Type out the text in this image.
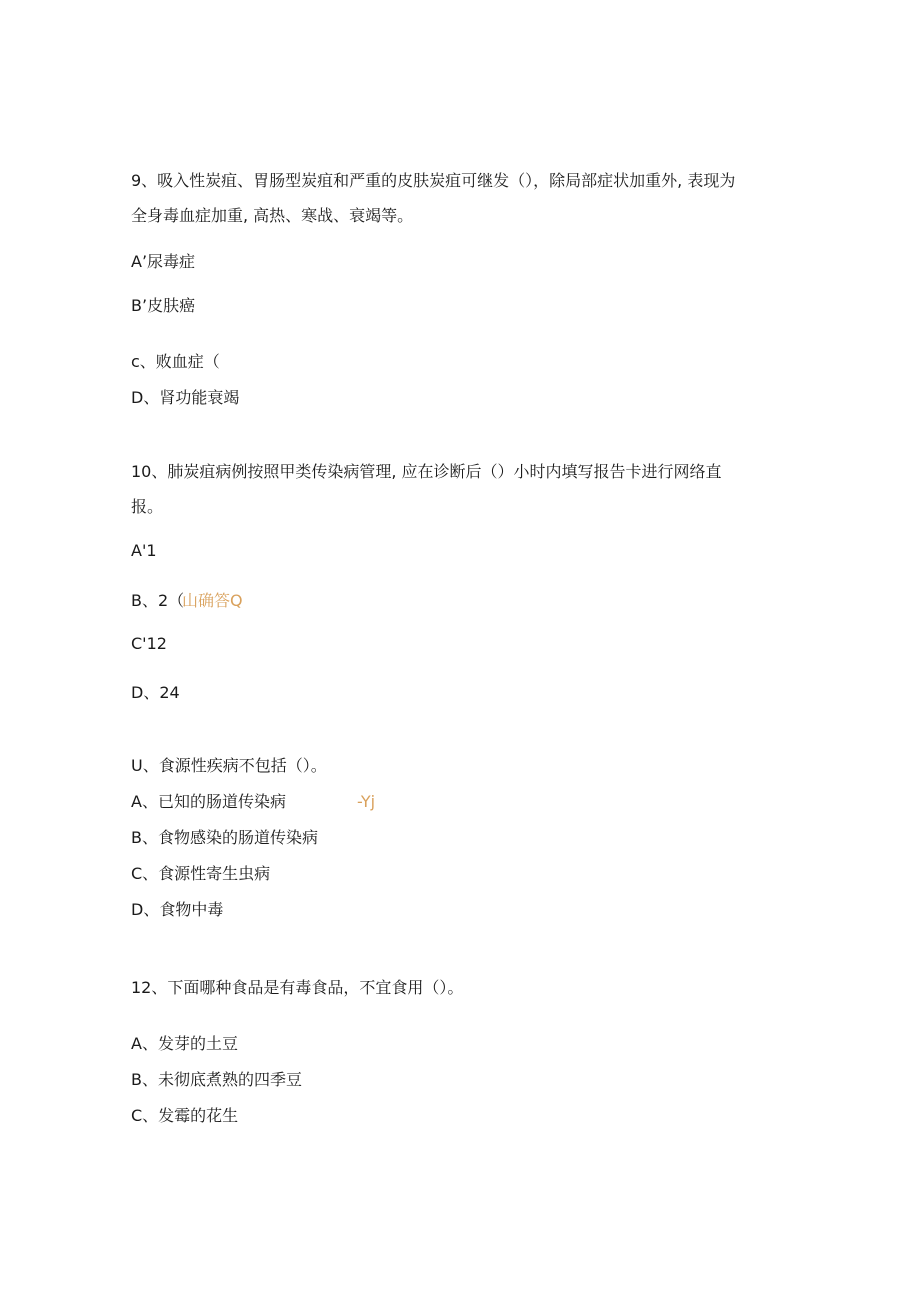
9、吸入性炭疽、胃肠型炭疽和严重的皮肤炭疽可继发（），除局部症状加重外, 表现为
全身毒血症加重, 高热、寒战、衰竭等。
A’尿毒症
B’皮肤癌
c、败血症（
D、肾功能衰竭
10、肺炭疽病例按照甲类传染病管理, 应在诊断后（）小时内填写报告卡进行网络直
报。
A'1
B、2（
山确答Q
C'12
D、24
U、食源性疾病不包括（）。
A、已知的肠道传染病	-Yj
B、食物感染的肠道传染病
C、食源性寄生虫病
D、食物中毒
12、下面哪种食品是有毒食品，不宜食用（）。
A、发芽的土豆
B、未彻底煮熟的四季豆
C、发霉的花生
